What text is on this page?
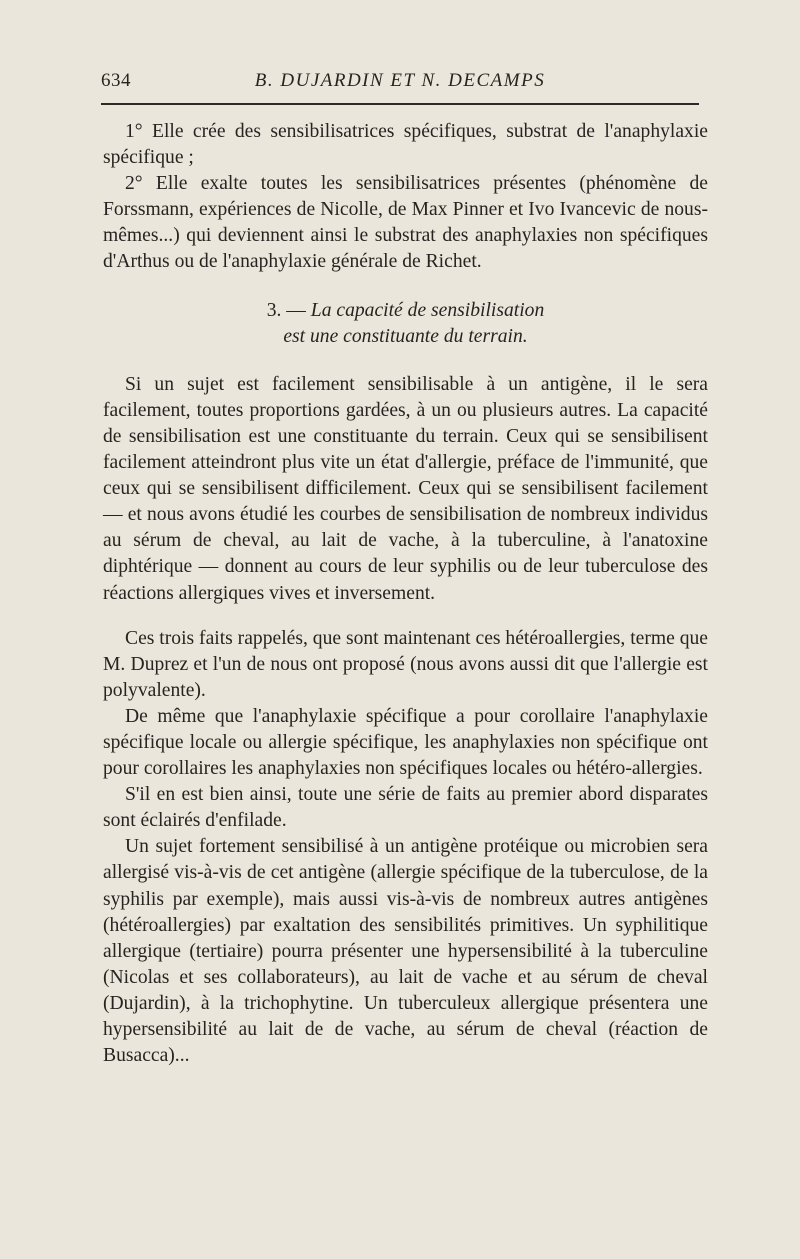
634	B. DUJARDIN ET N. DECAMPS

1° Elle crée des sensibilisatrices spécifiques, substrat de l'anaphylaxie spécifique ;

2° Elle exalte toutes les sensibilisatrices présentes (phénomène de Forssmann, expériences de Nicolle, de Max Pinner et Ivo Ivancevic de nous-mêmes...) qui deviennent ainsi le substrat des anaphylaxies non spécifiques d'Arthus ou de l'anaphylaxie générale de Richet.

3. — La capacité de sensibilisation
est une constituante du terrain.

Si un sujet est facilement sensibilisable à un antigène, il le sera facilement, toutes proportions gardées, à un ou plusieurs autres. La capacité de sensibilisation est une constituante du terrain. Ceux qui se sensibilisent facilement atteindront plus vite un état d'allergie, préface de l'immunité, que ceux qui se sensibilisent difficilement. Ceux qui se sensibilisent facilement — et nous avons étudié les courbes de sensibilisation de nombreux individus au sérum de cheval, au lait de vache, à la tuberculine, à l'anatoxine diphtérique — donnent au cours de leur syphilis ou de leur tuberculose des réactions allergiques vives et inversement.

Ces trois faits rappelés, que sont maintenant ces hétéroallergies, terme que M. Duprez et l'un de nous ont proposé (nous avons aussi dit que l'allergie est polyvalente).

De même que l'anaphylaxie spécifique a pour corollaire l'anaphylaxie spécifique locale ou allergie spécifique, les anaphylaxies non spécifique ont pour corollaires les anaphylaxies non spécifiques locales ou hétéro-allergies.

S'il en est bien ainsi, toute une série de faits au premier abord disparates sont éclairés d'enfilade.

Un sujet fortement sensibilisé à un antigène protéique ou microbien sera allergisé vis-à-vis de cet antigène (allergie spécifique de la tuberculose, de la syphilis par exemple), mais aussi vis-à-vis de nombreux autres antigènes (hétéroallergies) par exaltation des sensibilités primitives. Un syphilitique allergique (tertiaire) pourra présenter une hypersensibilité à la tuberculine (Nicolas et ses collaborateurs), au lait de vache et au sérum de cheval (Dujardin), à la trichophytine. Un tuberculeux allergique présentera une hypersensibilité au lait de de vache, au sérum de cheval (réaction de Busacca)...
